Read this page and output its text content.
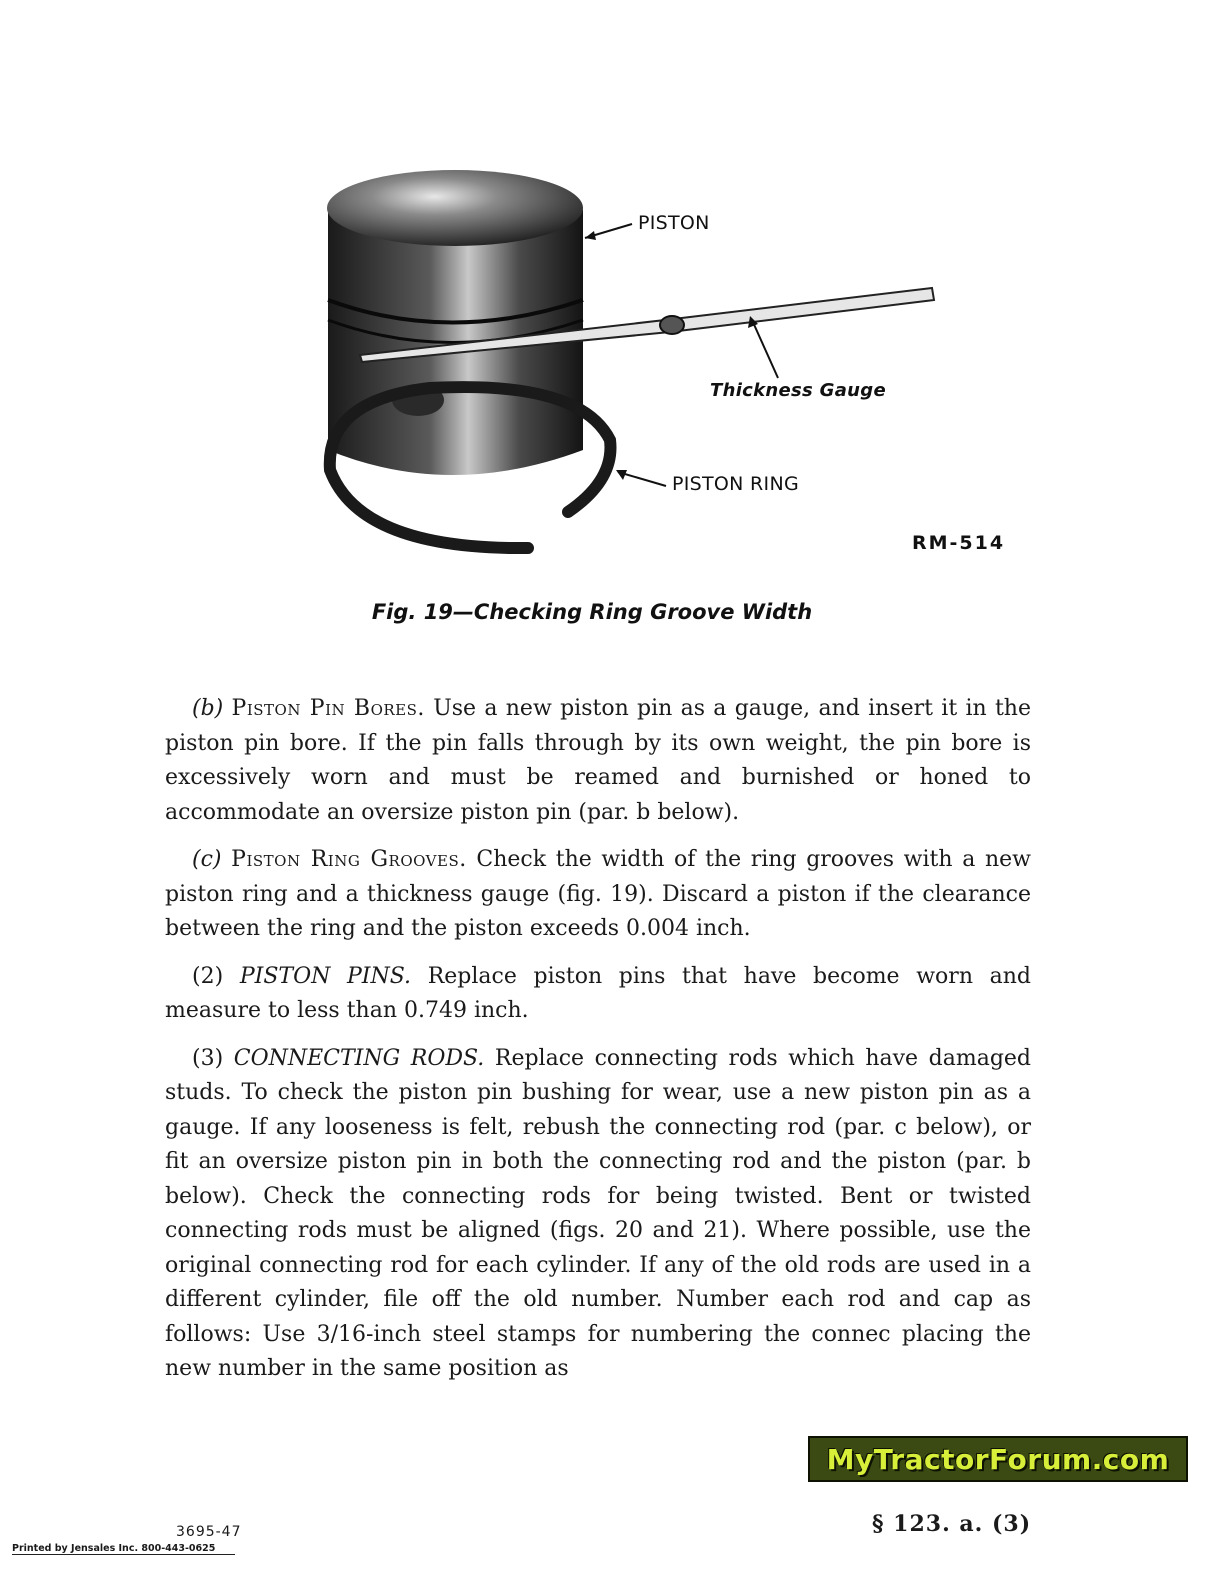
PISTON
Thickness Gauge
PISTON RING
RM-514
Fig. 19—Checking Ring Groove Width

(b) Piston Pin Bores. Use a new piston pin as a gauge, and insert it in the piston pin bore. If the pin falls through by its own weight, the pin bore is excessively worn and must be reamed and burnished or honed to accommodate an oversize piston pin (par. b below).

(c) Piston Ring Grooves. Check the width of the ring grooves with a new piston ring and a thickness gauge (fig. 19). Discard a piston if the clearance between the ring and the piston exceeds 0.004 inch.

(2) PISTON PINS. Replace piston pins that have become worn and measure to less than 0.749 inch.

(3) CONNECTING RODS. Replace connecting rods which have damaged studs. To check the piston pin bushing for wear, use a new piston pin as a gauge. If any looseness is felt, rebush the connecting rod (par. c below), or fit an oversize piston pin in both the connecting rod and the piston (par. b below). Check the connecting rods for being twisted. Bent or twisted connecting rods must be aligned (figs. 20 and 21). Where possible, use the original connecting rod for each cylinder. If any of the old rods are used in a different cylinder, file off the old number. Number each rod and cap as follows: Use 3/16-inch steel stamps for numbering the connec placing the new number in the same position as

MyTractorForum.com
3695-47
Printed by Jensales Inc. 800-443-0625
§ 123. a. (3)
